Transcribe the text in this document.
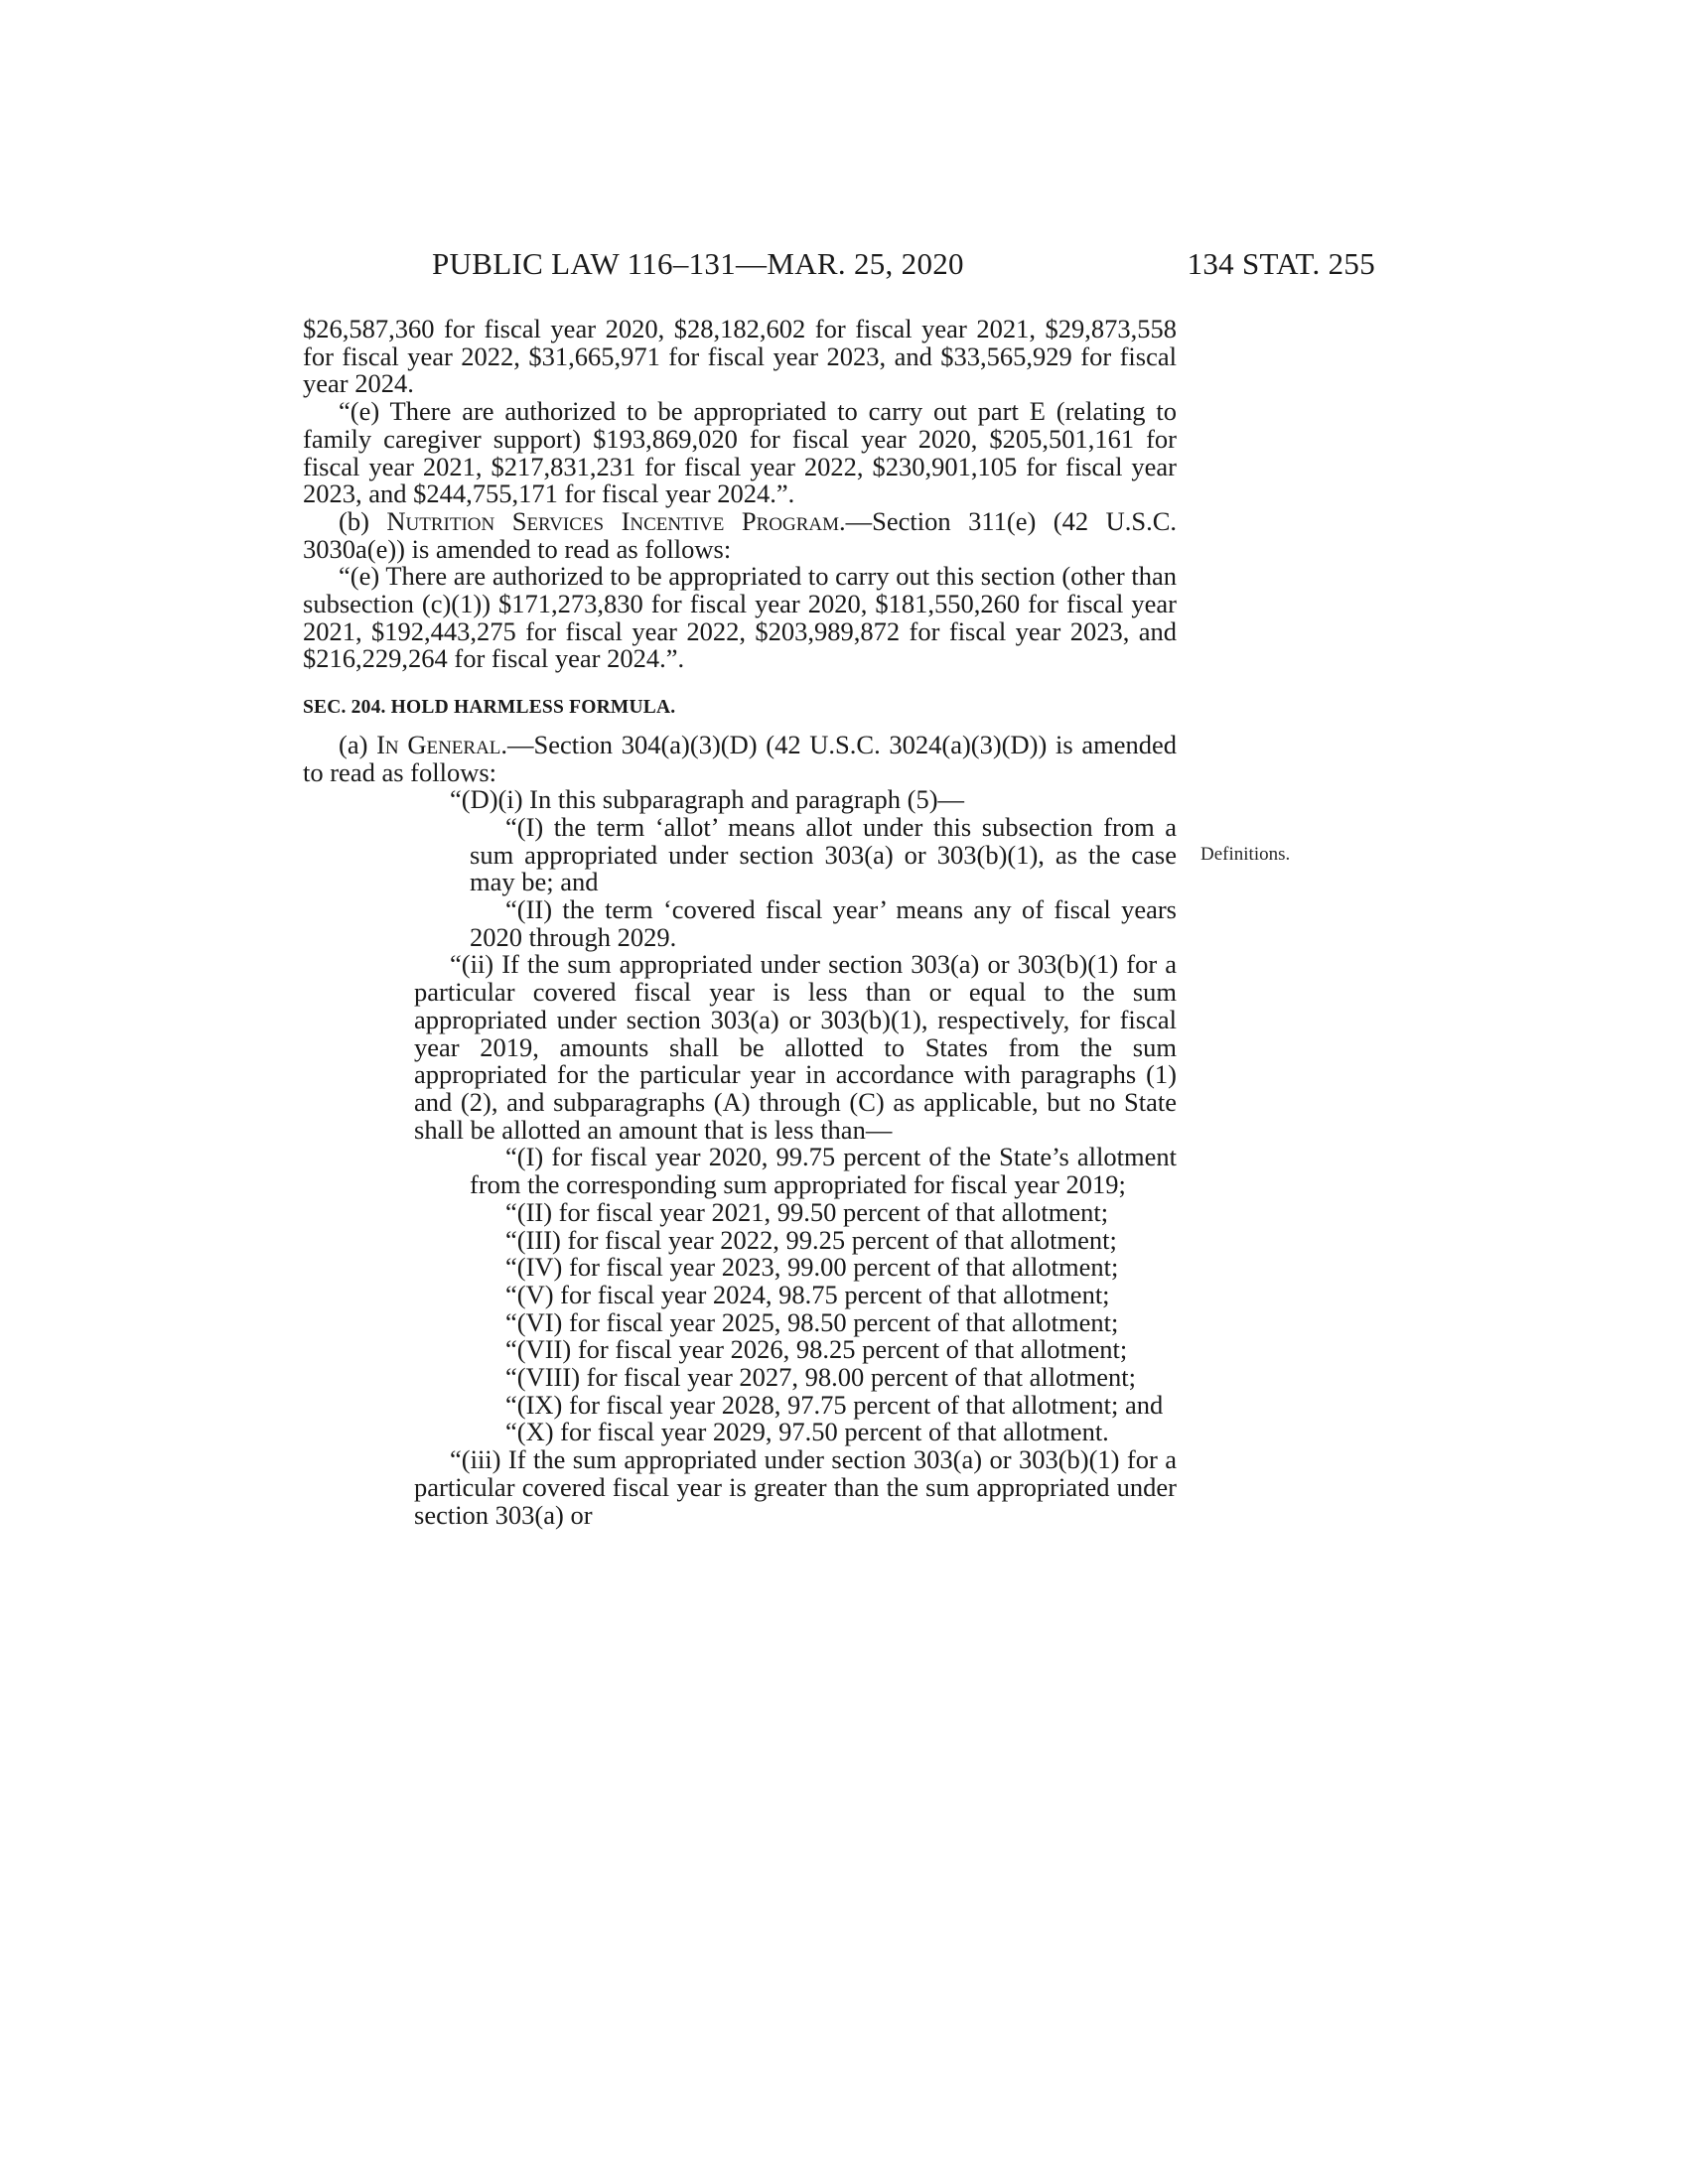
PUBLIC LAW 116–131—MAR. 25, 2020	134 STAT. 255
Definitions.

$26,587,360 for fiscal year 2020, $28,182,602 for fiscal year 2021, $29,873,558 for fiscal year 2022, $31,665,971 for fiscal year 2023, and $33,565,929 for fiscal year 2024.

“(e) There are authorized to be appropriated to carry out part E (relating to family caregiver support) $193,869,020 for fiscal year 2020, $205,501,161 for fiscal year 2021, $217,831,231 for fiscal year 2022, $230,901,105 for fiscal year 2023, and $244,755,171 for fiscal year 2024.”.

(b) Nutrition Services Incentive Program.—Section 311(e) (42 U.S.C. 3030a(e)) is amended to read as follows:

“(e) There are authorized to be appropriated to carry out this section (other than subsection (c)(1)) $171,273,830 for fiscal year 2020, $181,550,260 for fiscal year 2021, $192,443,275 for fiscal year 2022, $203,989,872 for fiscal year 2023, and $216,229,264 for fiscal year 2024.”.

SEC. 204. HOLD HARMLESS FORMULA.

(a) In General.—Section 304(a)(3)(D) (42 U.S.C. 3024(a)(3)(D)) is amended to read as follows:

“(D)(i) In this subparagraph and paragraph (5)—

“(I) the term ‘allot’ means allot under this subsection from a sum appropriated under section 303(a) or 303(b)(1), as the case may be; and

“(II) the term ‘covered fiscal year’ means any of fiscal years 2020 through 2029.

“(ii) If the sum appropriated under section 303(a) or 303(b)(1) for a particular covered fiscal year is less than or equal to the sum appropriated under section 303(a) or 303(b)(1), respectively, for fiscal year 2019, amounts shall be allotted to States from the sum appropriated for the particular year in accordance with paragraphs (1) and (2), and subparagraphs (A) through (C) as applicable, but no State shall be allotted an amount that is less than—

“(I) for fiscal year 2020, 99.75 percent of the State’s allotment from the corresponding sum appropriated for fiscal year 2019;

“(II) for fiscal year 2021, 99.50 percent of that allotment;

“(III) for fiscal year 2022, 99.25 percent of that allotment;

“(IV) for fiscal year 2023, 99.00 percent of that allotment;

“(V) for fiscal year 2024, 98.75 percent of that allotment;

“(VI) for fiscal year 2025, 98.50 percent of that allotment;

“(VII) for fiscal year 2026, 98.25 percent of that allotment;

“(VIII) for fiscal year 2027, 98.00 percent of that allotment;

“(IX) for fiscal year 2028, 97.75 percent of that allotment; and

“(X) for fiscal year 2029, 97.50 percent of that allotment.

“(iii) If the sum appropriated under section 303(a) or 303(b)(1) for a particular covered fiscal year is greater than the sum appropriated under section 303(a) or
